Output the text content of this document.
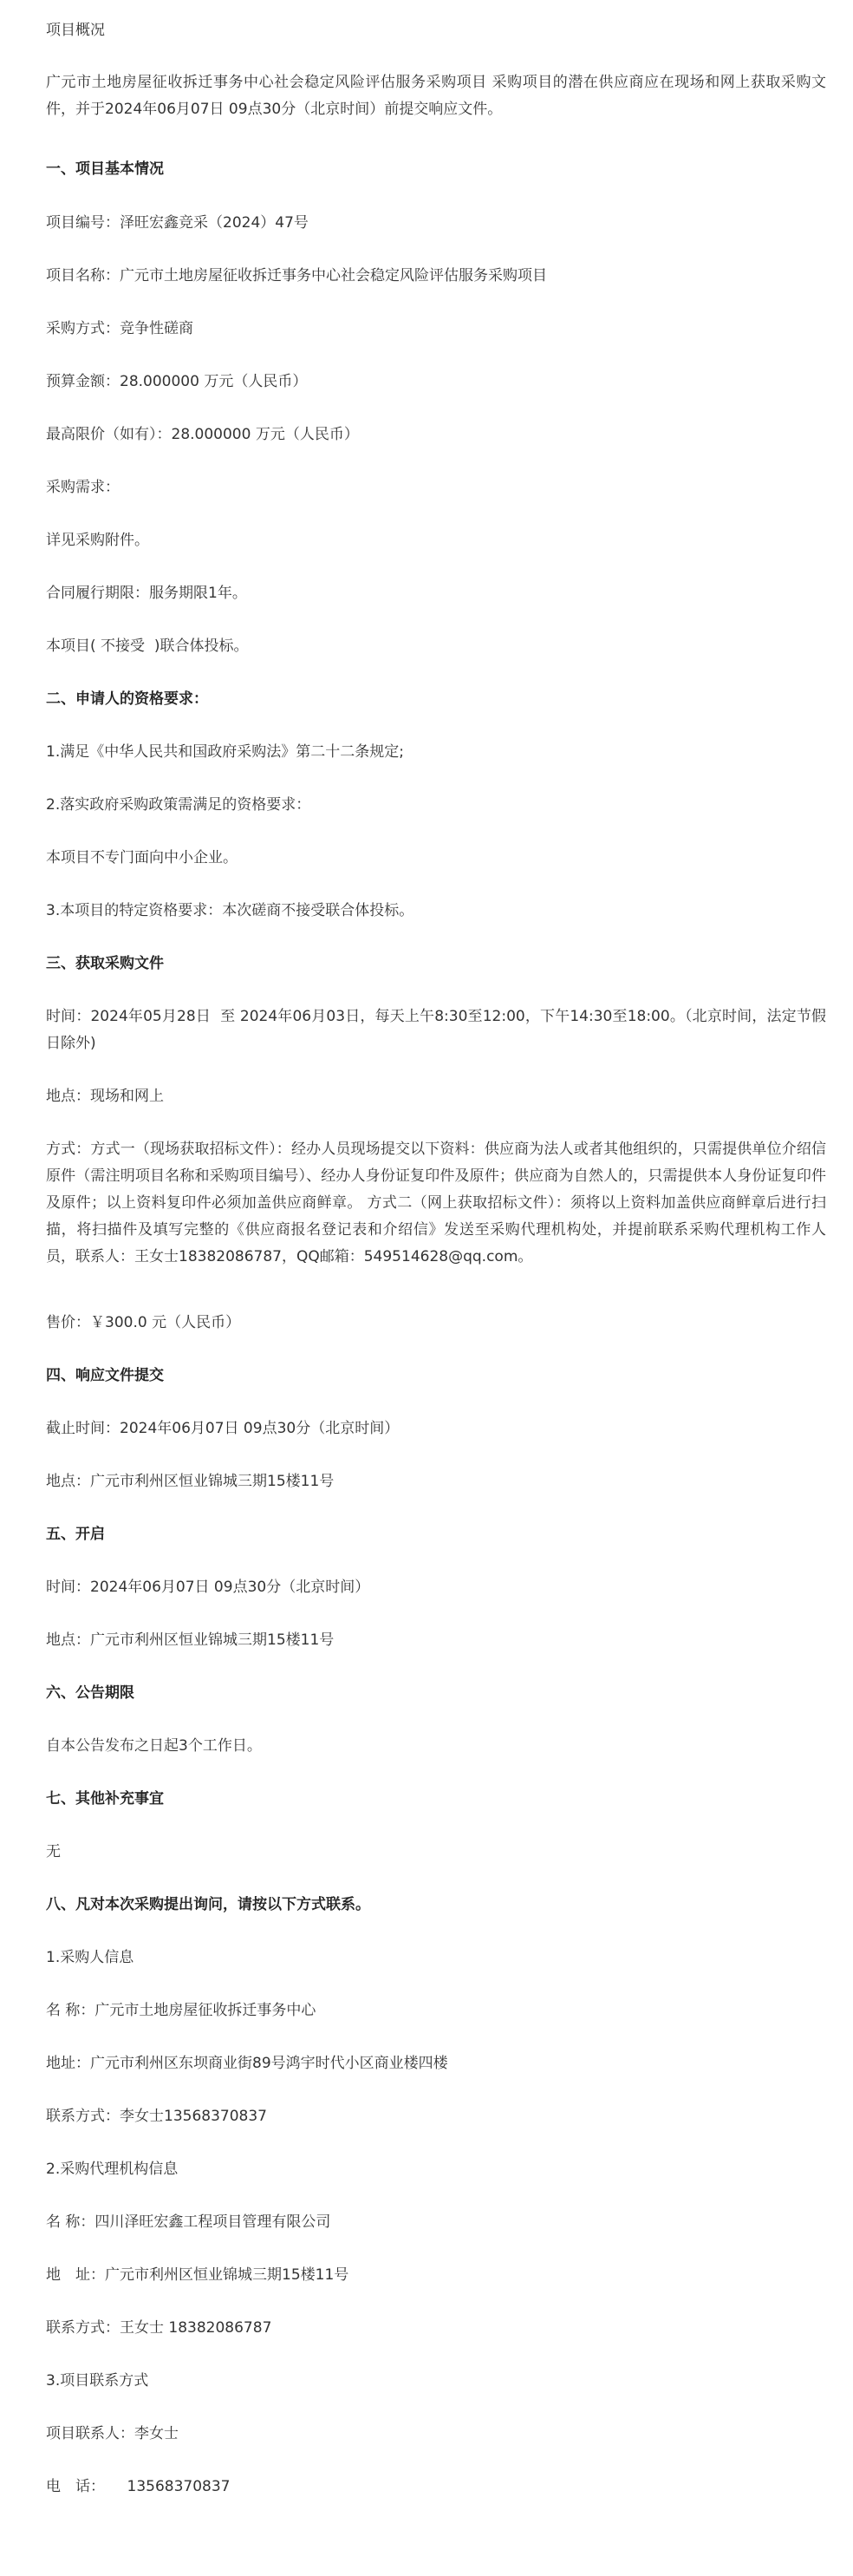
项目概况

广元市土地房屋征收拆迁事务中心社会稳定风险评估服务采购项目 采购项目的潜在供应商应在现场和网上获取采购文件，并于2024年06月07日 09点30分（北京时间）前提交响应文件。

一、项目基本情况

项目编号：泽旺宏鑫竞采（2024）47号

项目名称：广元市土地房屋征收拆迁事务中心社会稳定风险评估服务采购项目

采购方式：竞争性磋商

预算金额：28.000000 万元（人民币）

最高限价（如有）：28.000000 万元（人民币）

采购需求：

详见采购附件。

合同履行期限：服务期限1年。

本项目( 不接受  )联合体投标。

二、申请人的资格要求：

1.满足《中华人民共和国政府采购法》第二十二条规定;

2.落实政府采购政策需满足的资格要求：

本项目不专门面向中小企业。

3.本项目的特定资格要求：本次磋商不接受联合体投标。

三、获取采购文件

时间：2024年05月28日  至 2024年06月03日，每天上午8:30至12:00，下午14:30至18:00。（北京时间，法定节假日除外)

地点：现场和网上

方式：方式一（现场获取招标文件）：经办人员现场提交以下资料：供应商为法人或者其他组织的，只需提供单位介绍信原件（需注明项目名称和采购项目编号）、经办人身份证复印件及原件；供应商为自然人的，只需提供本人身份证复印件及原件；以上资料复印件必须加盖供应商鲜章。 方式二（网上获取招标文件）：须将以上资料加盖供应商鲜章后进行扫描，将扫描件及填写完整的《供应商报名登记表和介绍信》发送至采购代理机构处，并提前联系采购代理机构工作人员，联系人：王女士18382086787，QQ邮箱：549514628@qq.com。

售价：￥300.0 元（人民币）

四、响应文件提交

截止时间：2024年06月07日 09点30分（北京时间）

地点：广元市利州区恒业锦城三期15楼11号

五、开启

时间：2024年06月07日 09点30分（北京时间）

地点：广元市利州区恒业锦城三期15楼11号

六、公告期限

自本公告发布之日起3个工作日。

七、其他补充事宜

无

八、凡对本次采购提出询问，请按以下方式联系。

1.采购人信息

名 称：广元市土地房屋征收拆迁事务中心

地址：广元市利州区东坝商业街89号鸿宇时代小区商业楼四楼

联系方式：李女士13568370837

2.采购代理机构信息

名 称：四川泽旺宏鑫工程项目管理有限公司

地　址：广元市利州区恒业锦城三期15楼11号

联系方式：王女士 18382086787

3.项目联系方式

项目联系人：李女士

电　话：　　13568370837
